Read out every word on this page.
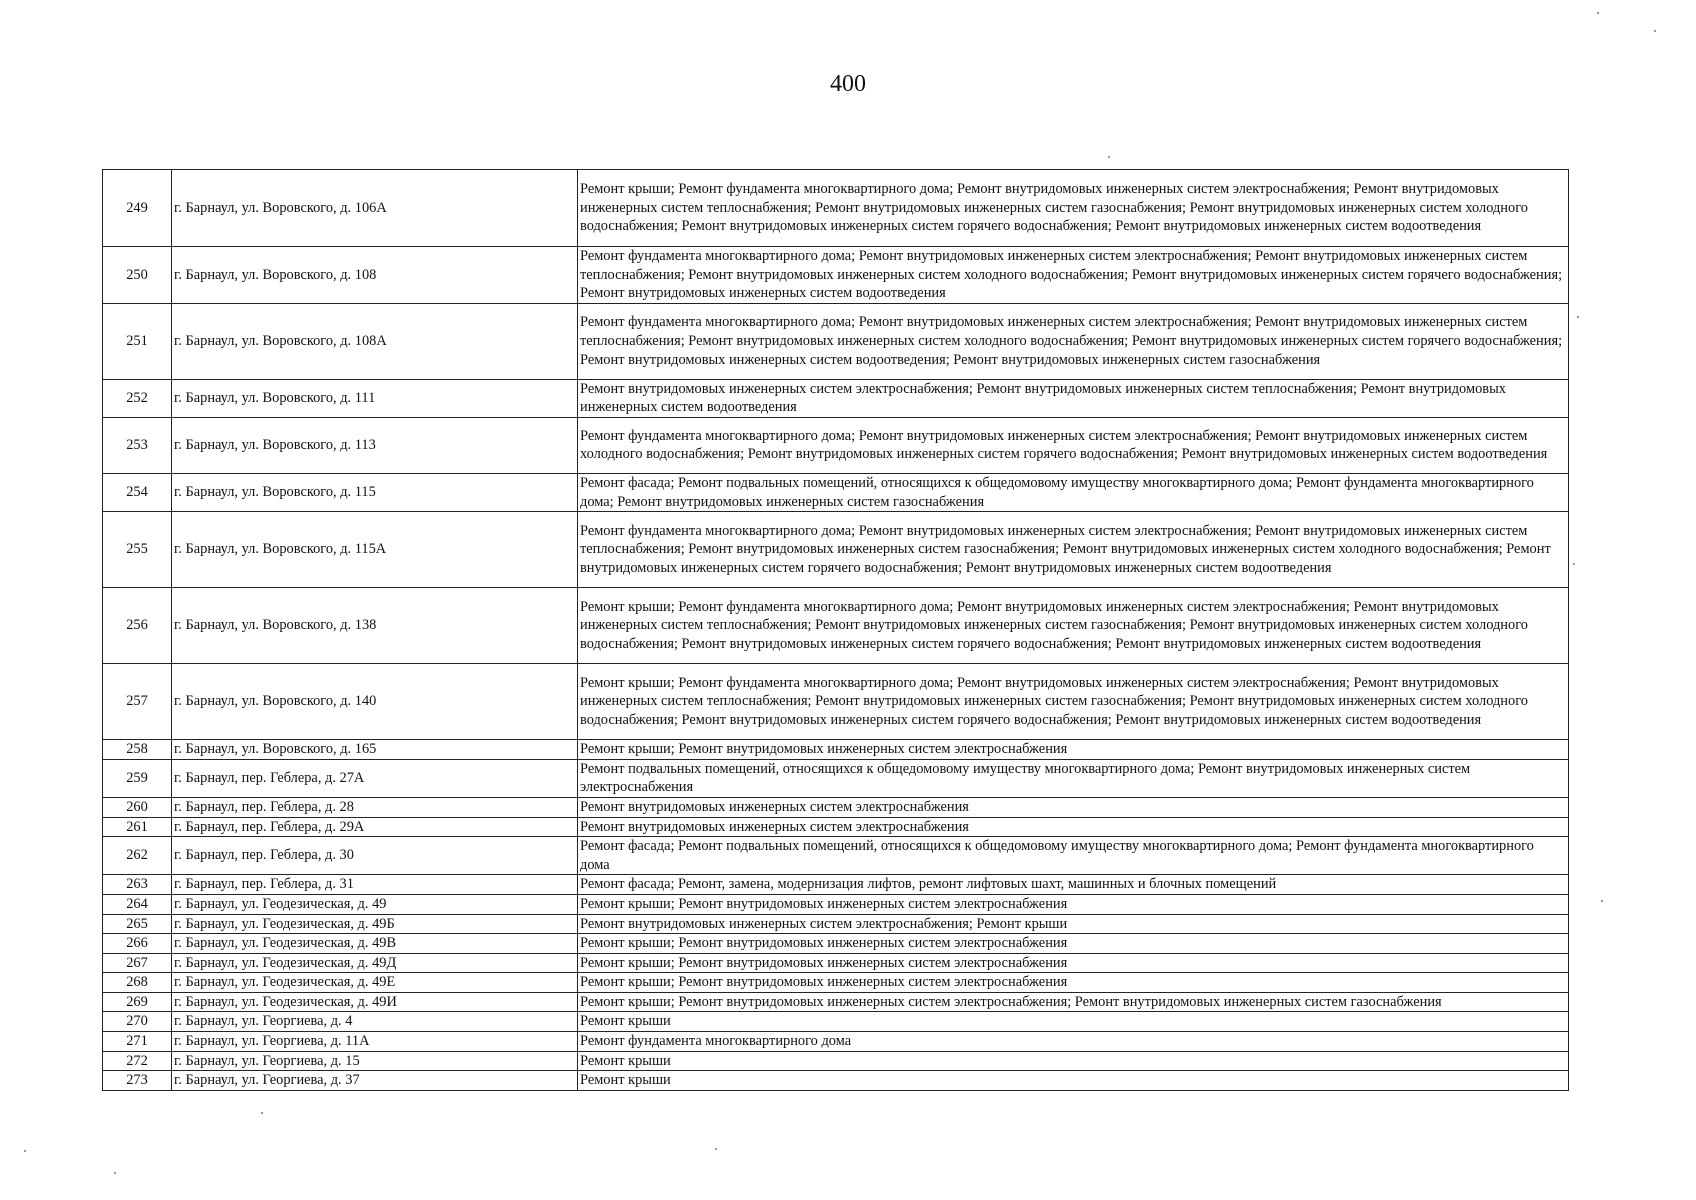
400
249	г. Барнаул, ул. Воровского, д. 106А	Ремонт крыши; Ремонт фундамента многоквартирного дома; Ремонт внутридомовых инженерных систем электроснабжения; Ремонт внутридомовых инженерных систем теплоснабжения; Ремонт внутридомовых инженерных систем газоснабжения; Ремонт внутридомовых инженерных систем холодного водоснабжения; Ремонт внутридомовых инженерных систем горячего водоснабжения; Ремонт внутридомовых инженерных систем водоотведения
250	г. Барнаул, ул. Воровского, д. 108	Ремонт фундамента многоквартирного дома; Ремонт внутридомовых инженерных систем электроснабжения; Ремонт внутридомовых инженерных систем теплоснабжения; Ремонт внутридомовых инженерных систем холодного водоснабжения; Ремонт внутридомовых инженерных систем горячего водоснабжения; Ремонт внутридомовых инженерных систем водоотведения
251	г. Барнаул, ул. Воровского, д. 108А	Ремонт фундамента многоквартирного дома; Ремонт внутридомовых инженерных систем электроснабжения; Ремонт внутридомовых инженерных систем теплоснабжения; Ремонт внутридомовых инженерных систем холодного водоснабжения; Ремонт внутридомовых инженерных систем горячего водоснабжения; Ремонт внутридомовых инженерных систем водоотведения; Ремонт внутридомовых инженерных систем газоснабжения
252	г. Барнаул, ул. Воровского, д. 111	Ремонт внутридомовых инженерных систем электроснабжения; Ремонт внутридомовых инженерных систем теплоснабжения; Ремонт внутридомовых инженерных систем водоотведения
253	г. Барнаул, ул. Воровского, д. 113	Ремонт фундамента многоквартирного дома; Ремонт внутридомовых инженерных систем электроснабжения; Ремонт внутридомовых инженерных систем холодного водоснабжения; Ремонт внутридомовых инженерных систем горячего водоснабжения; Ремонт внутридомовых инженерных систем водоотведения
254	г. Барнаул, ул. Воровского, д. 115	Ремонт фасада; Ремонт подвальных помещений, относящихся к общедомовому имуществу многоквартирного дома; Ремонт фундамента многоквартирного дома; Ремонт внутридомовых инженерных систем газоснабжения
255	г. Барнаул, ул. Воровского, д. 115А	Ремонт фундамента многоквартирного дома; Ремонт внутридомовых инженерных систем электроснабжения; Ремонт внутридомовых инженерных систем теплоснабжения; Ремонт внутридомовых инженерных систем газоснабжения; Ремонт внутридомовых инженерных систем холодного водоснабжения; Ремонт внутридомовых инженерных систем горячего водоснабжения; Ремонт внутридомовых инженерных систем водоотведения
256	г. Барнаул, ул. Воровского, д. 138	Ремонт крыши; Ремонт фундамента многоквартирного дома; Ремонт внутридомовых инженерных систем электроснабжения; Ремонт внутридомовых инженерных систем теплоснабжения; Ремонт внутридомовых инженерных систем газоснабжения; Ремонт внутридомовых инженерных систем холодного водоснабжения; Ремонт внутридомовых инженерных систем горячего водоснабжения; Ремонт внутридомовых инженерных систем водоотведения
257	г. Барнаул, ул. Воровского, д. 140	Ремонт крыши; Ремонт фундамента многоквартирного дома; Ремонт внутридомовых инженерных систем электроснабжения; Ремонт внутридомовых инженерных систем теплоснабжения; Ремонт внутридомовых инженерных систем газоснабжения; Ремонт внутридомовых инженерных систем холодного водоснабжения; Ремонт внутридомовых инженерных систем горячего водоснабжения; Ремонт внутридомовых инженерных систем водоотведения
258	г. Барнаул, ул. Воровского, д. 165	Ремонт крыши; Ремонт внутридомовых инженерных систем электроснабжения
259	г. Барнаул, пер. Геблера, д. 27А	Ремонт подвальных помещений, относящихся к общедомовому имуществу многоквартирного дома; Ремонт внутридомовых инженерных систем электроснабжения
260	г. Барнаул, пер. Геблера, д. 28	Ремонт внутридомовых инженерных систем электроснабжения
261	г. Барнаул, пер. Геблера, д. 29А	Ремонт внутридомовых инженерных систем электроснабжения
262	г. Барнаул, пер. Геблера, д. 30	Ремонт фасада; Ремонт подвальных помещений, относящихся к общедомовому имуществу многоквартирного дома; Ремонт фундамента многоквартирного дома
263	г. Барнаул, пер. Геблера, д. 31	Ремонт фасада; Ремонт, замена, модернизация лифтов, ремонт лифтовых шахт, машинных и блочных помещений
264	г. Барнаул, ул. Геодезическая, д. 49	Ремонт крыши; Ремонт внутридомовых инженерных систем электроснабжения
265	г. Барнаул, ул. Геодезическая, д. 49Б	Ремонт внутридомовых инженерных систем электроснабжения; Ремонт крыши
266	г. Барнаул, ул. Геодезическая, д. 49В	Ремонт крыши; Ремонт внутридомовых инженерных систем электроснабжения
267	г. Барнаул, ул. Геодезическая, д. 49Д	Ремонт крыши; Ремонт внутридомовых инженерных систем электроснабжения
268	г. Барнаул, ул. Геодезическая, д. 49Е	Ремонт крыши; Ремонт внутридомовых инженерных систем электроснабжения
269	г. Барнаул, ул. Геодезическая, д. 49И	Ремонт крыши; Ремонт внутридомовых инженерных систем электроснабжения; Ремонт внутридомовых инженерных систем газоснабжения
270	г. Барнаул, ул. Георгиева, д. 4	Ремонт крыши
271	г. Барнаул, ул. Георгиева, д. 11А	Ремонт фундамента многоквартирного дома
272	г. Барнаул, ул. Георгиева, д. 15	Ремонт крыши
273	г. Барнаул, ул. Георгиева, д. 37	Ремонт крыши
